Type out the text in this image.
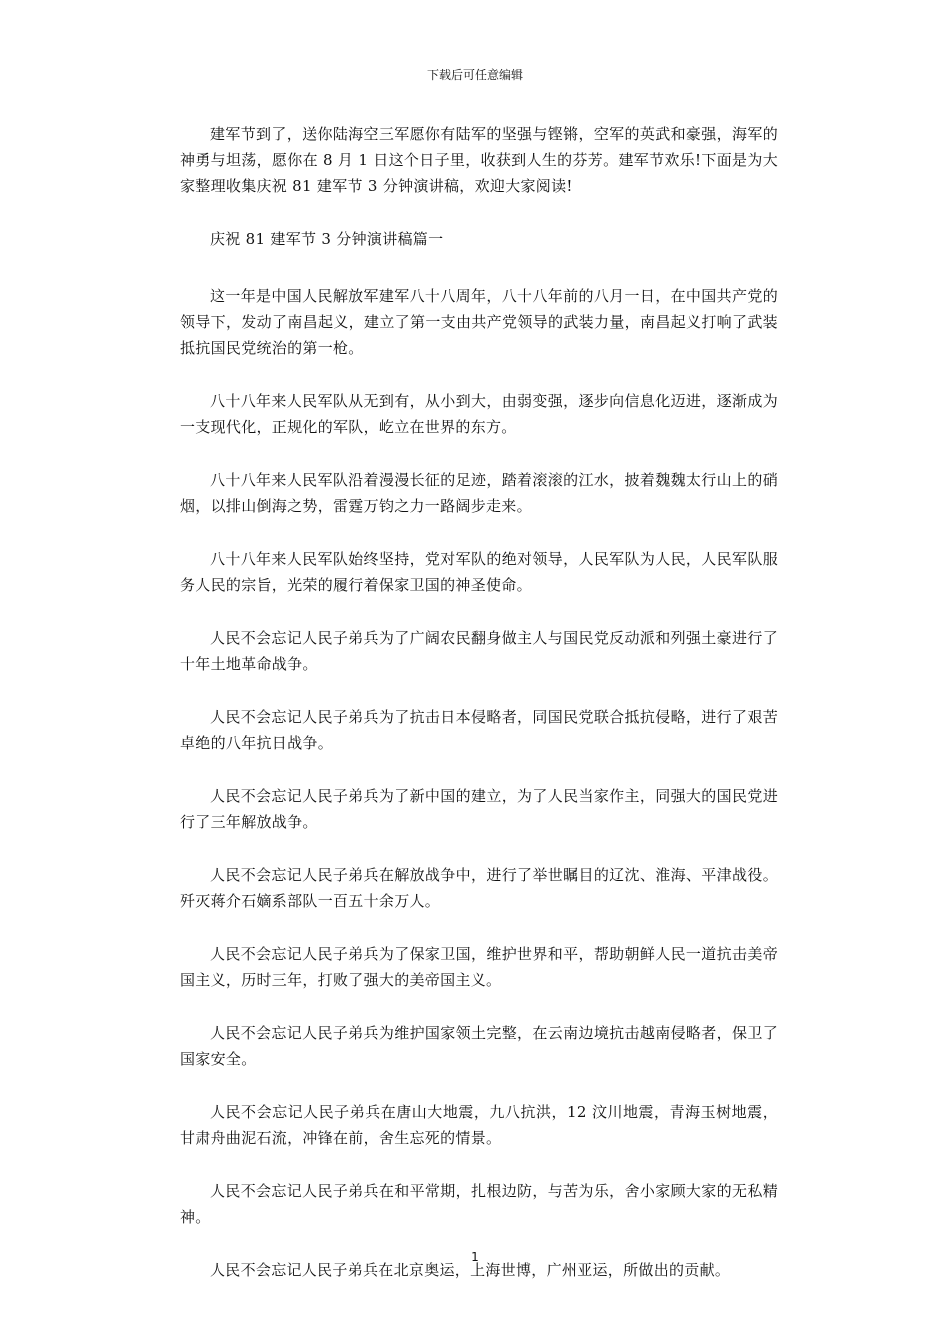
下载后可任意编辑

建军节到了，送你陆海空三军愿你有陆军的坚强与铿锵，空军的英武和豪强，海军的神勇与坦荡，愿你在 8 月 1 日这个日子里，收获到人生的芬芳。建军节欢乐!下面是为大家整理收集庆祝 81 建军节 3 分钟演讲稿，欢迎大家阅读!

庆祝 81 建军节 3 分钟演讲稿篇一

这一年是中国人民解放军建军八十八周年，八十八年前的八月一日，在中国共产党的领导下，发动了南昌起义，建立了第一支由共产党领导的武装力量，南昌起义打响了武装抵抗国民党统治的第一枪。

八十八年来人民军队从无到有，从小到大，由弱变强，逐步向信息化迈进，逐渐成为一支现代化，正规化的军队，屹立在世界的东方。

八十八年来人民军队沿着漫漫长征的足迹，踏着滚滚的江水，披着魏魏太行山上的硝烟，以排山倒海之势，雷霆万钧之力一路阔步走来。

八十八年来人民军队始终坚持，党对军队的绝对领导，人民军队为人民，人民军队服务人民的宗旨，光荣的履行着保家卫国的神圣使命。

人民不会忘记人民子弟兵为了广阔农民翻身做主人与国民党反动派和列强土豪进行了十年土地革命战争。

人民不会忘记人民子弟兵为了抗击日本侵略者，同国民党联合抵抗侵略，进行了艰苦卓绝的八年抗日战争。

人民不会忘记人民子弟兵为了新中国的建立，为了人民当家作主，同强大的国民党进行了三年解放战争。

人民不会忘记人民子弟兵在解放战争中，进行了举世瞩目的辽沈、淮海、平津战役。歼灭蒋介石嫡系部队一百五十余万人。

人民不会忘记人民子弟兵为了保家卫国，维护世界和平，帮助朝鲜人民一道抗击美帝国主义，历时三年，打败了强大的美帝国主义。

人民不会忘记人民子弟兵为维护国家领土完整，在云南边境抗击越南侵略者，保卫了国家安全。

人民不会忘记人民子弟兵在唐山大地震，九八抗洪，12 汶川地震，青海玉树地震，甘肃舟曲泥石流，冲锋在前，舍生忘死的情景。

人民不会忘记人民子弟兵在和平常期，扎根边防，与苦为乐，舍小家顾大家的无私精神。

人民不会忘记人民子弟兵在北京奥运，上海世博，广州亚运，所做出的贡献。

1
